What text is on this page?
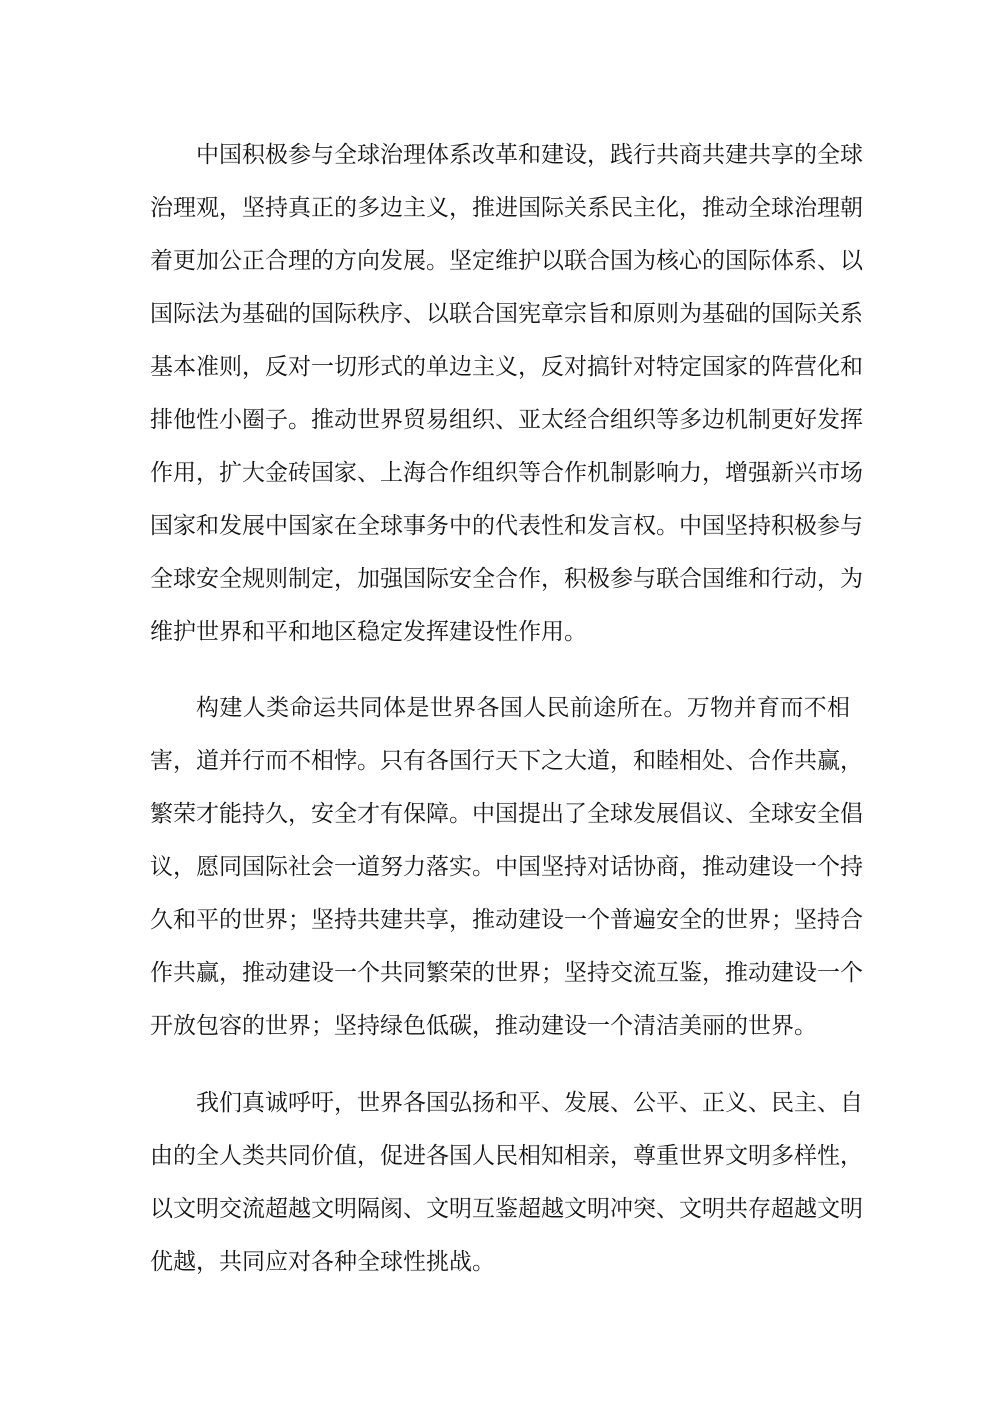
中国积极参与全球治理体系改革和建设，践行共商共建共享的全球
治理观，坚持真正的多边主义，推进国际关系民主化，推动全球治理朝
着更加公正合理的方向发展。坚定维护以联合国为核心的国际体系、以
国际法为基础的国际秩序、以联合国宪章宗旨和原则为基础的国际关系
基本准则，反对一切形式的单边主义，反对搞针对特定国家的阵营化和
排他性小圈子。推动世界贸易组织、亚太经合组织等多边机制更好发挥
作用，扩大金砖国家、上海合作组织等合作机制影响力，增强新兴市场
国家和发展中国家在全球事务中的代表性和发言权。中国坚持积极参与
全球安全规则制定，加强国际安全合作，积极参与联合国维和行动，为
维护世界和平和地区稳定发挥建设性作用。
构建人类命运共同体是世界各国人民前途所在。万物并育而不相
害，道并行而不相悖。只有各国行天下之大道，和睦相处、合作共赢，
繁荣才能持久，安全才有保障。中国提出了全球发展倡议、全球安全倡
议，愿同国际社会一道努力落实。中国坚持对话协商，推动建设一个持
久和平的世界；坚持共建共享，推动建设一个普遍安全的世界；坚持合
作共赢，推动建设一个共同繁荣的世界；坚持交流互鉴，推动建设一个
开放包容的世界；坚持绿色低碳，推动建设一个清洁美丽的世界。
我们真诚呼吁，世界各国弘扬和平、发展、公平、正义、民主、自
由的全人类共同价值，促进各国人民相知相亲，尊重世界文明多样性，
以文明交流超越文明隔阂、文明互鉴超越文明冲突、文明共存超越文明
优越，共同应对各种全球性挑战。
